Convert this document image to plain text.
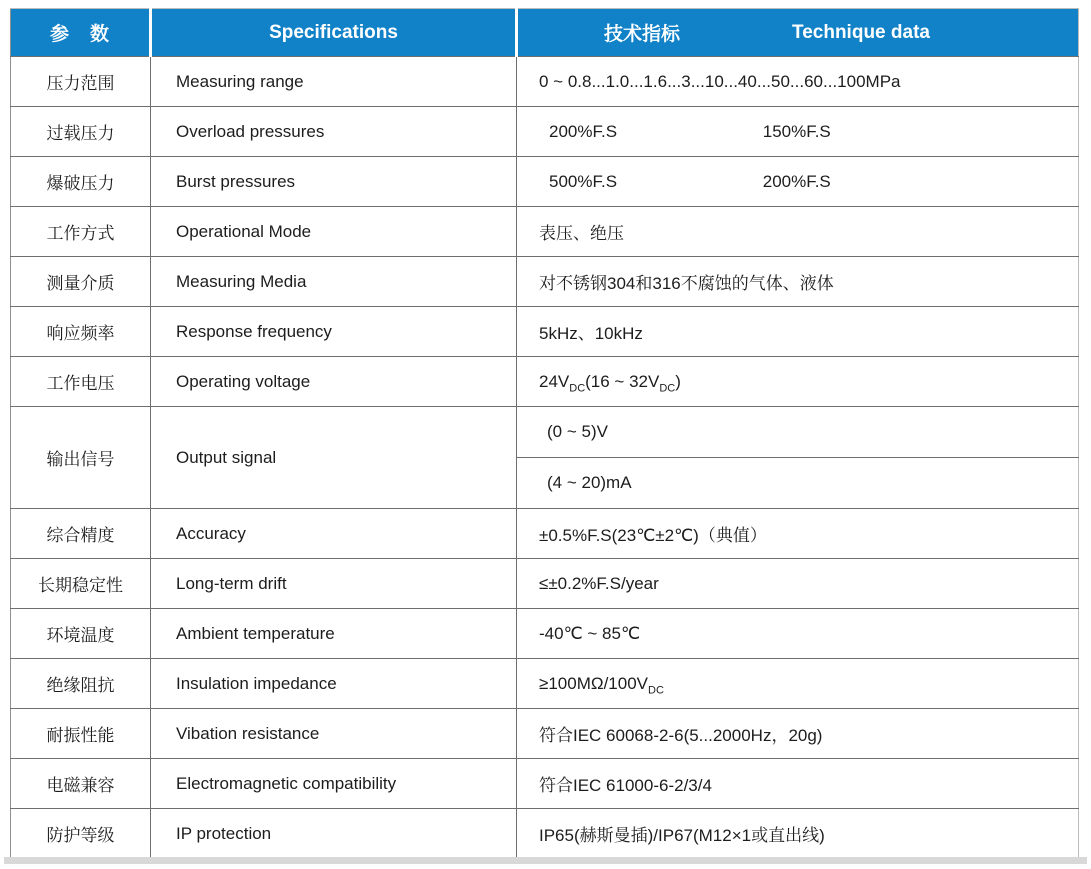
参　数	Specifications	技术指标 Technique data

压力范围	Measuring range	0 ~ 0.8...1.0...1.6...3...10...40...50...60...100MPa
过载压力	Overload pressures	200%F.S 150%F.S
爆破压力	Burst pressures	500%F.S 200%F.S
工作方式	Operational Mode	表压、绝压
测量介质	Measuring Media	对不锈钢304和316不腐蚀的气体、液体
响应频率	Response frequency	5kHz、10kHz
工作电压	Operating voltage	$24V_{DC}(16$ ~ $32V_{DC}$)
输出信号	Output signal	(0 ~ 5)V
		(4 ~ 20)mA
综合精度	Accuracy	±0.5%F.S(23℃±2℃)（典值）
长期稳定性	Long-term drift	≤±0.2%F.S/year
环境温度	Ambient temperature	-40℃ ~ 85℃
绝缘阻抗	Insulation impedance	$\ge 100M\Omega/100V_{DC}$
耐振性能	Vibation resistance	符合IEC 60068-2-6(5...2000Hz，20g)
电磁兼容	Electromagnetic compatibility	符合IEC 61000-6-2/3/4
防护等级	IP protection	IP65(赫斯曼插)/IP67(M12×1或直出线)
